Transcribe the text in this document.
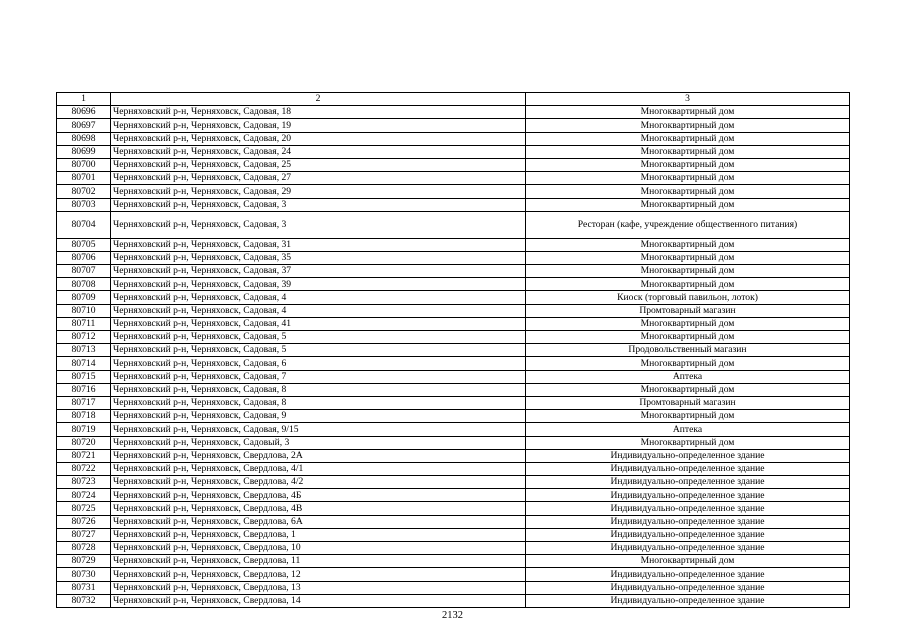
1	2	3
80696	Черняховский р-н, Черняховск, Садовая, 18	Многоквартирный дом
80697	Черняховский р-н, Черняховск, Садовая, 19	Многоквартирный дом
80698	Черняховский р-н, Черняховск, Садовая, 20	Многоквартирный дом
80699	Черняховский р-н, Черняховск, Садовая, 24	Многоквартирный дом
80700	Черняховский р-н, Черняховск, Садовая, 25	Многоквартирный дом
80701	Черняховский р-н, Черняховск, Садовая, 27	Многоквартирный дом
80702	Черняховский р-н, Черняховск, Садовая, 29	Многоквартирный дом
80703	Черняховский р-н, Черняховск, Садовая, 3	Многоквартирный дом
80704	Черняховский р-н, Черняховск, Садовая, 3	Ресторан (кафе, учреждение общественного питания)
80705	Черняховский р-н, Черняховск, Садовая, 31	Многоквартирный дом
80706	Черняховский р-н, Черняховск, Садовая, 35	Многоквартирный дом
80707	Черняховский р-н, Черняховск, Садовая, 37	Многоквартирный дом
80708	Черняховский р-н, Черняховск, Садовая, 39	Многоквартирный дом
80709	Черняховский р-н, Черняховск, Садовая, 4	Киоск (торговый павильон, лоток)
80710	Черняховский р-н, Черняховск, Садовая, 4	Промтоварный магазин
80711	Черняховский р-н, Черняховск, Садовая, 41	Многоквартирный дом
80712	Черняховский р-н, Черняховск, Садовая, 5	Многоквартирный дом
80713	Черняховский р-н, Черняховск, Садовая, 5	Продовольственный магазин
80714	Черняховский р-н, Черняховск, Садовая, 6	Многоквартирный дом
80715	Черняховский р-н, Черняховск, Садовая, 7	Аптека
80716	Черняховский р-н, Черняховск, Садовая, 8	Многоквартирный дом
80717	Черняховский р-н, Черняховск, Садовая, 8	Промтоварный магазин
80718	Черняховский р-н, Черняховск, Садовая, 9	Многоквартирный дом
80719	Черняховский р-н, Черняховск, Садовая, 9/15	Аптека
80720	Черняховский р-н, Черняховск, Садовый, 3	Многоквартирный дом
80721	Черняховский р-н, Черняховск, Свердлова, 2А	Индивидуально-определенное здание
80722	Черняховский р-н, Черняховск, Свердлова, 4/1	Индивидуально-определенное здание
80723	Черняховский р-н, Черняховск, Свердлова, 4/2	Индивидуально-определенное здание
80724	Черняховский р-н, Черняховск, Свердлова, 4Б	Индивидуально-определенное здание
80725	Черняховский р-н, Черняховск, Свердлова, 4В	Индивидуально-определенное здание
80726	Черняховский р-н, Черняховск, Свердлова, 6А	Индивидуально-определенное здание
80727	Черняховский р-н, Черняховск, Свердлова, 1	Индивидуально-определенное здание
80728	Черняховский р-н, Черняховск, Свердлова, 10	Индивидуально-определенное здание
80729	Черняховский р-н, Черняховск, Свердлова, 11	Многоквартирный дом
80730	Черняховский р-н, Черняховск, Свердлова, 12	Индивидуально-определенное здание
80731	Черняховский р-н, Черняховск, Свердлова, 13	Индивидуально-определенное здание
80732	Черняховский р-н, Черняховск, Свердлова, 14	Индивидуально-определенное здание
2132
